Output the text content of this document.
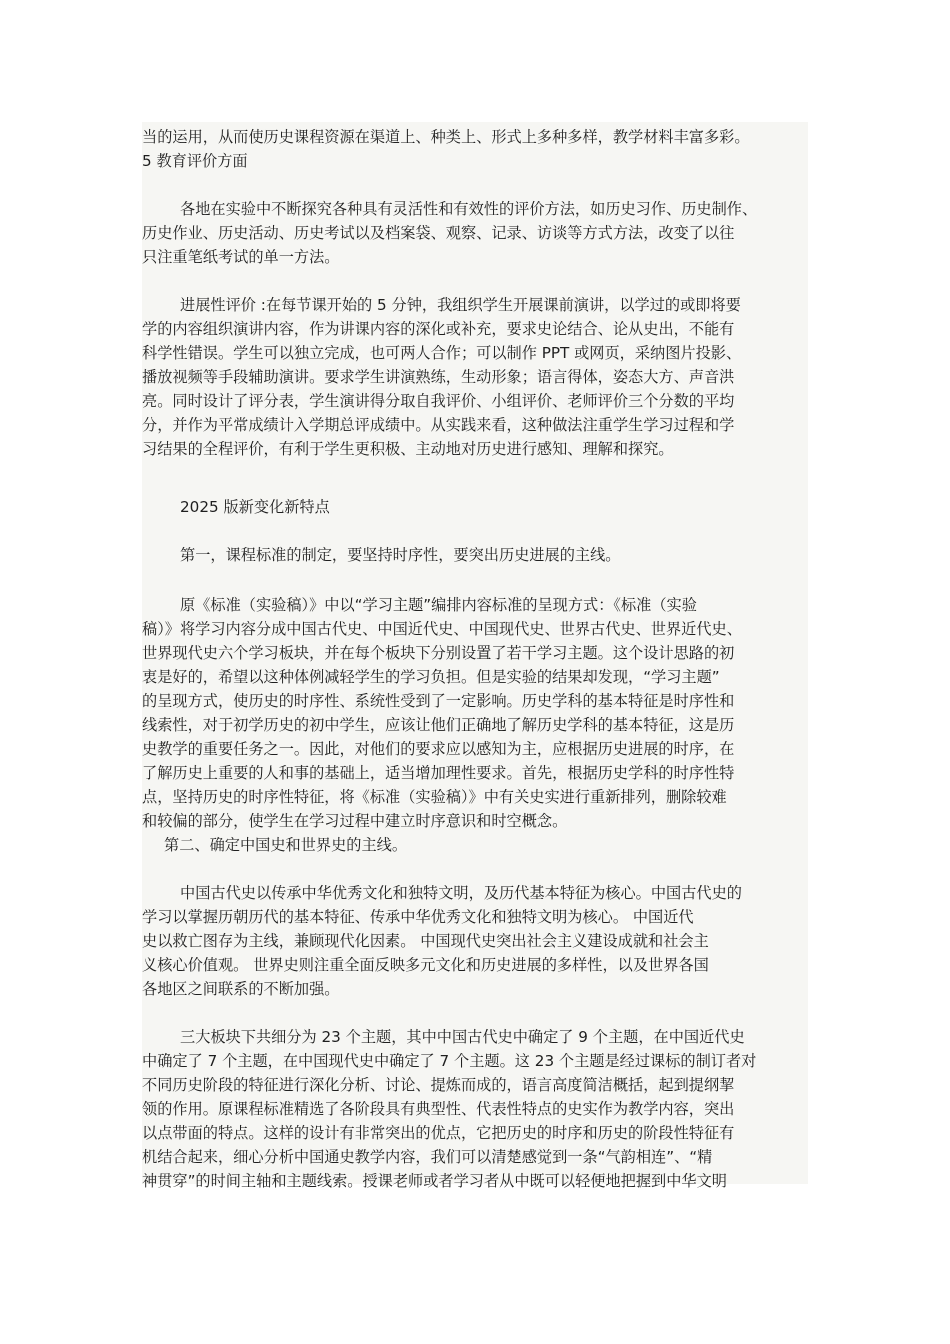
当的运用，从而使历史课程资源在渠道上、种类上、形式上多种多样，教学材料丰富多彩。
5 教育评价方面
各地在实验中不断探究各种具有灵活性和有效性的评价方法，如历史习作、历史制作、
历史作业、历史活动、历史考试以及档案袋、观察、记录、访谈等方式方法，改变了以往
只注重笔纸考试的单一方法。
进展性评价 :在每节课开始的 5 分钟，我组织学生开展课前演讲，以学过的或即将要
学的内容组织演讲内容，作为讲课内容的深化或补充，要求史论结合、论从史出，不能有
科学性错误。学生可以独立完成，也可两人合作；可以制作 PPT 或网页，采纳图片投影、
播放视频等手段辅助演讲。要求学生讲演熟练，生动形象；语言得体，姿态大方、声音洪
亮。同时设计了评分表，学生演讲得分取自我评价、小组评价、老师评价三个分数的平均
分，并作为平常成绩计入学期总评成绩中。从实践来看，这种做法注重学生学习过程和学
习结果的全程评价，有利于学生更积极、主动地对历史进行感知、理解和探究。
2025 版新变化新特点
第一，课程标准的制定，要坚持时序性，要突出历史进展的主线。
原《标准（实验稿）》中以“学习主题”编排内容标准的呈现方式：《标准（实验
稿）》将学习内容分成中国古代史、中国近代史、中国现代史、世界古代史、世界近代史、
世界现代史六个学习板块，并在每个板块下分别设置了若干学习主题。这个设计思路的初
衷是好的，希望以这种体例减轻学生的学习负担。但是实验的结果却发现，“学习主题”
的呈现方式，使历史的时序性、系统性受到了一定影响。历史学科的基本特征是时序性和
线索性，对于初学历史的初中学生，应该让他们正确地了解历史学科的基本特征，这是历
史教学的重要任务之一。因此，对他们的要求应以感知为主，应根据历史进展的时序，在
了解历史上重要的人和事的基础上，适当增加理性要求。首先，根据历史学科的时序性特
点，坚持历史的时序性特征，将《标准（实验稿）》中有关史实进行重新排列，删除较难
和较偏的部分，使学生在学习过程中建立时序意识和时空概念。
第二、确定中国史和世界史的主线。
中国古代史以传承中华优秀文化和独特文明，及历代基本特征为核心。中国古代史的
学习以掌握历朝历代的基本特征、传承中华优秀文化和独特文明为核心。 中国近代
史以救亡图存为主线，兼顾现代化因素。 中国现代史突出社会主义建设成就和社会主
义核心价值观。 世界史则注重全面反映多元文化和历史进展的多样性，以及世界各国
各地区之间联系的不断加强。
三大板块下共细分为 23 个主题，其中中国古代史中确定了 9 个主题，在中国近代史
中确定了 7 个主题，在中国现代史中确定了 7 个主题。这 23 个主题是经过课标的制订者对
不同历史阶段的特征进行深化分析、讨论、提炼而成的，语言高度简洁概括，起到提纲挈
领的作用。原课程标准精选了各阶段具有典型性、代表性特点的史实作为教学内容，突出
以点带面的特点。这样的设计有非常突出的优点，它把历史的时序和历史的阶段性特征有
机结合起来，细心分析中国通史教学内容，我们可以清楚感觉到一条“气韵相连”、“精
神贯穿”的时间主轴和主题线索。授课老师或者学习者从中既可以轻便地把握到中华文明
